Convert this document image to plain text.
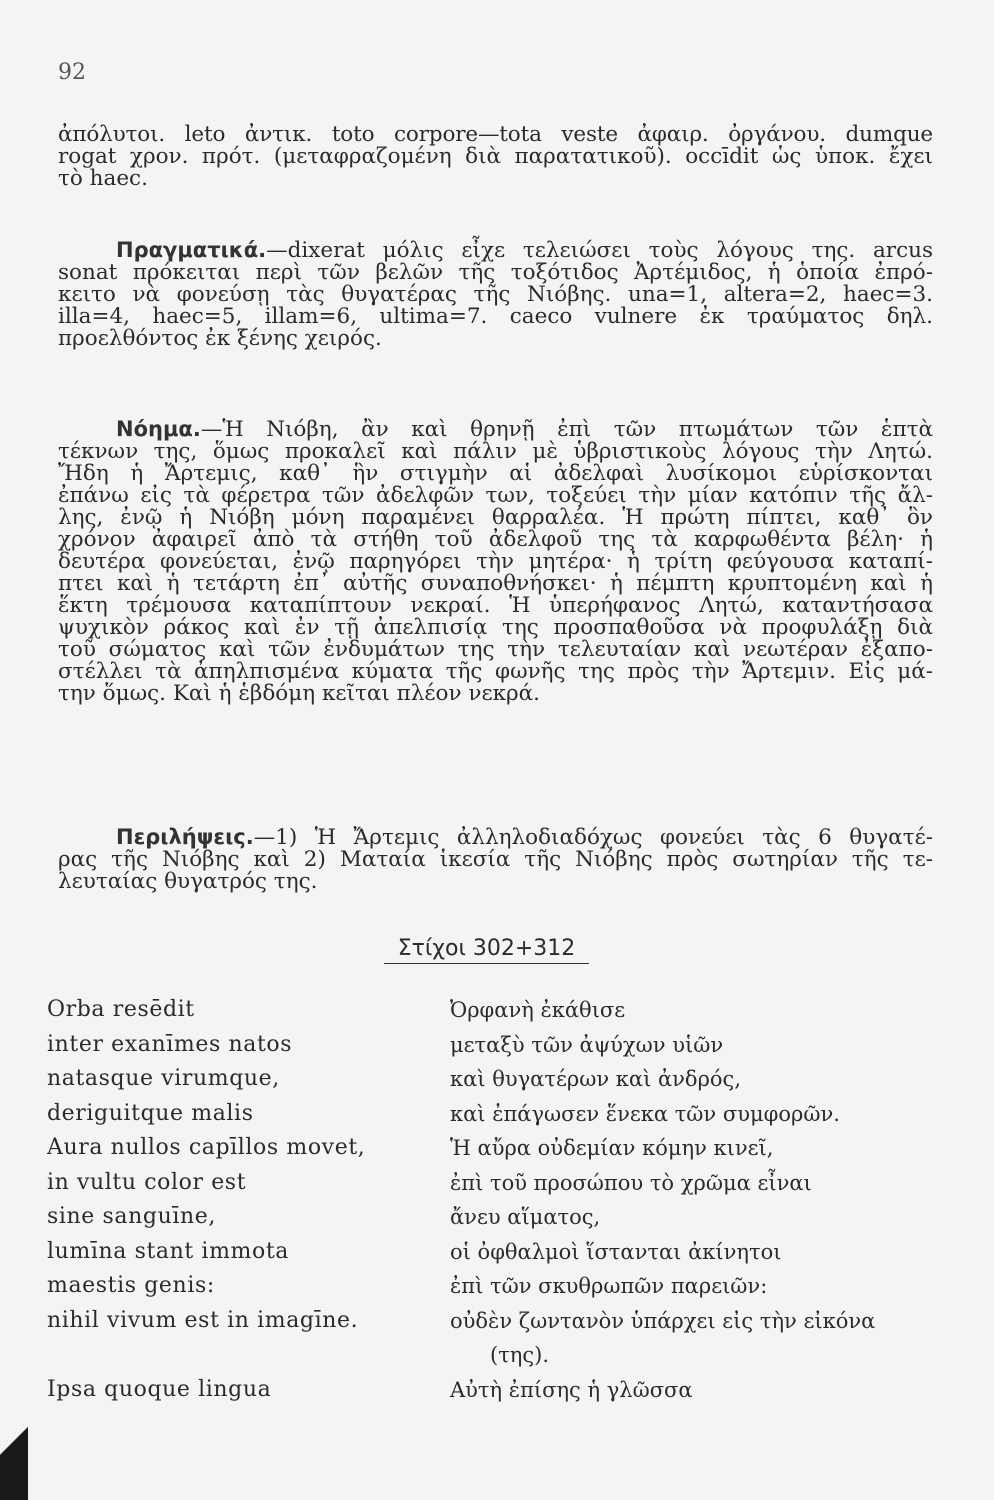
92
ἀπόλυτοι. leto ἀντικ. toto corpore—tota veste ἀφαιρ. ὀργάνου. dumque
rogat χρον. πρότ. (μεταφραζομένη διὰ παρατατικοῦ). occīdit ὡς ὑποκ. ἔχει
τὸ haec.
Πραγματικά.—dixerat μόλις εἶχε τελειώσει τοὺς λόγους της. arcus
sonat πρόκειται περὶ τῶν βελῶν τῆς τοξότιδος Ἀρτέμιδος, ἡ ὁποία ἐπρό-
κειτο νὰ φονεύσῃ τὰς θυγατέρας τῆς Νιόβης. una=1, altera=2, haec=3.
illa=4, haec=5, illam=6, ultima=7. caeco vulnere ἐκ τραύματος δηλ.
προελθόντος ἐκ ξένης χειρός.
Νόημα.—Ἡ Νιόβη, ἂν καὶ θρηνῇ ἐπὶ τῶν πτωμάτων τῶν ἑπτὰ
τέκνων της, ὅμως προκαλεῖ καὶ πάλιν μὲ ὑβριστικοὺς λόγους τὴν Λητώ.
Ἤδη ἡ Ἄρτεμις, καθ᾽ ἣν στιγμὴν αἱ ἀδελφαὶ λυσίκομοι εὑρίσκονται
ἐπάνω εἰς τὰ φέρετρα τῶν ἀδελφῶν των, τοξεύει τὴν μίαν κατόπιν τῆς ἄλ-
λης, ἐνῷ ἡ Νιόβη μόνη παραμένει θαρραλέα. Ἡ πρώτη πίπτει, καθ᾽ ὃν
χρόνον ἀφαιρεῖ ἀπὸ τὰ στήθη τοῦ ἀδελφοῦ της τὰ καρφωθέντα βέλη· ἡ
δευτέρα φονεύεται, ἐνῷ παρηγόρει τὴν μητέρα· ἡ τρίτη φεύγουσα καταπί-
πτει καὶ ἡ τετάρτη ἐπ᾽ αὐτῆς συναποθνήσκει· ἡ πέμπτη κρυπτομένη καὶ ἡ
ἕκτη τρέμουσα καταπίπτουν νεκραί. Ἡ ὑπερήφανος Λητώ, καταντήσασα
ψυχικὸν ράκος καὶ ἐν τῇ ἀπελπισίᾳ της προσπαθοῦσα νὰ προφυλάξῃ διὰ
τοῦ σώματος καὶ τῶν ἐνδυμάτων της τὴν τελευταίαν καὶ νεωτέραν ἐξαπο-
στέλλει τὰ ἀπηλπισμένα κύματα τῆς φωνῆς της πρὸς τὴν Ἄρτεμιν. Εἰς μά-
την ὅμως. Καὶ ἡ ἑβδόμη κεῖται πλέον νεκρά.
Περιλήψεις.—1) Ἡ Ἄρτεμις ἀλληλοδιαδόχως φονεύει τὰς 6 θυγατέ-
ρας τῆς Νιόβης καὶ 2) Ματαία ἱκεσία τῆς Νιόβης πρὸς σωτηρίαν τῆς τε-
λευταίας θυγατρός της.
Στίχοι 302+312
Orba resēdit
inter exanīmes natos
natasque virumque,
deriguitque malis
Aura nullos capīllos movet,
in vultu color est
sine sanguīne,
lumīna stant immota
maestis genis:
nihil vivum est in imagīne.

Ipsa quoque lingua
Ὀρφανὴ ἐκάθισε
μεταξὺ τῶν ἀψύχων υἱῶν
καὶ θυγατέρων καὶ ἀνδρός,
καὶ ἐπάγωσεν ἕνεκα τῶν συμφορῶν.
Ἡ αὔρα οὐδεμίαν κόμην κινεῖ,
ἐπὶ τοῦ προσώπου τὸ χρῶμα εἶναι
ἄνευ αἵματος,
οἱ ὀφθαλμοὶ ἵστανται ἀκίνητοι
ἐπὶ τῶν σκυθρωπῶν παρειῶν:
οὐδὲν ζωντανὸν ὑπάρχει εἰς τὴν εἰκόνα
(της).
Αὐτὴ ἐπίσης ἡ γλῶσσα
